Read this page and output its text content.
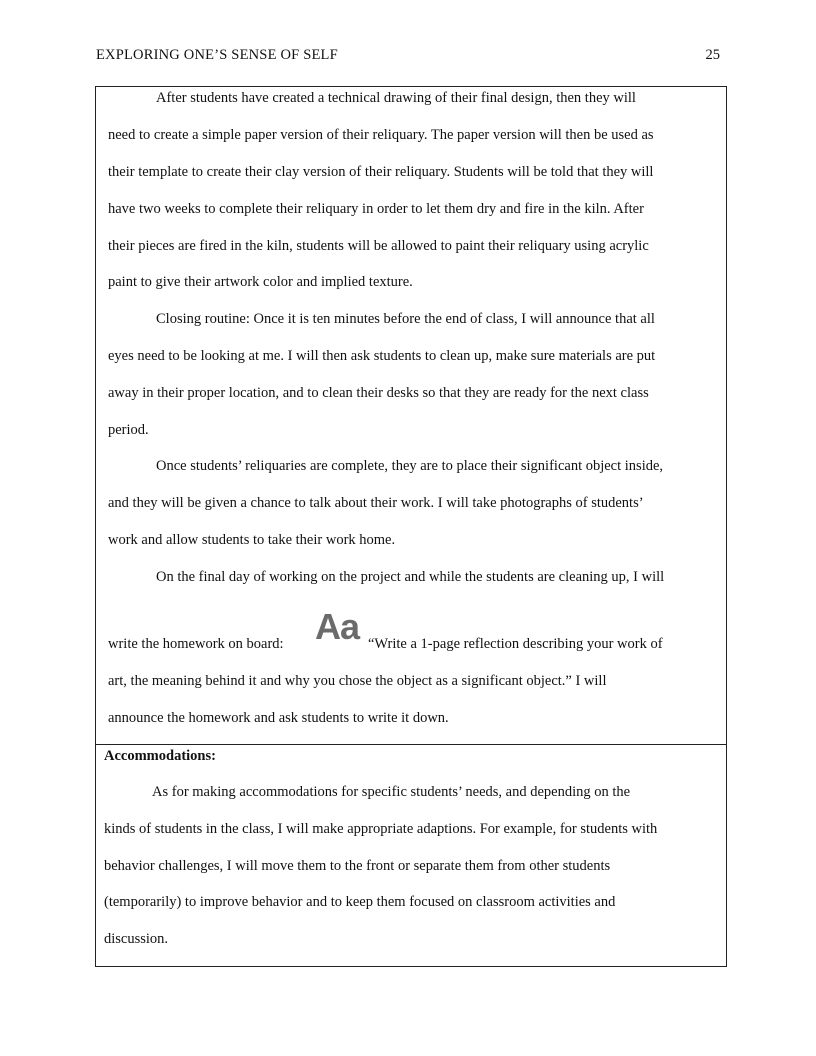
EXPLORING ONE’S SENSE OF SELF	25
After students have created a technical drawing of their final design, then they will
need to create a simple paper version of their reliquary. The paper version will then be used as
their template to create their clay version of their reliquary. Students will be told that they will
have two weeks to complete their reliquary in order to let them dry and fire in the kiln. After
their pieces are fired in the kiln, students will be allowed to paint their reliquary using acrylic
paint to give their artwork color and implied texture.
Closing routine: Once it is ten minutes before the end of class, I will announce that all
eyes need to be looking at me. I will then ask students to clean up, make sure materials are put
away in their proper location, and to clean their desks so that they are ready for the next class
period.
Once students’ reliquaries are complete, they are to place their significant object inside,
and they will be given a chance to talk about their work. I will take photographs of students’
work and allow students to take their work home.
On the final day of working on the project and while the students are cleaning up, I will
write the homework on board: Aa “Write a 1-page reflection describing your work of
art, the meaning behind it and why you chose the object as a significant object.” I will
announce the homework and ask students to write it down.
Accommodations:
As for making accommodations for specific students’ needs, and depending on the
kinds of students in the class, I will make appropriate adaptions. For example, for students with
behavior challenges, I will move them to the front or separate them from other students
(temporarily) to improve behavior and to keep them focused on classroom activities and
discussion.
